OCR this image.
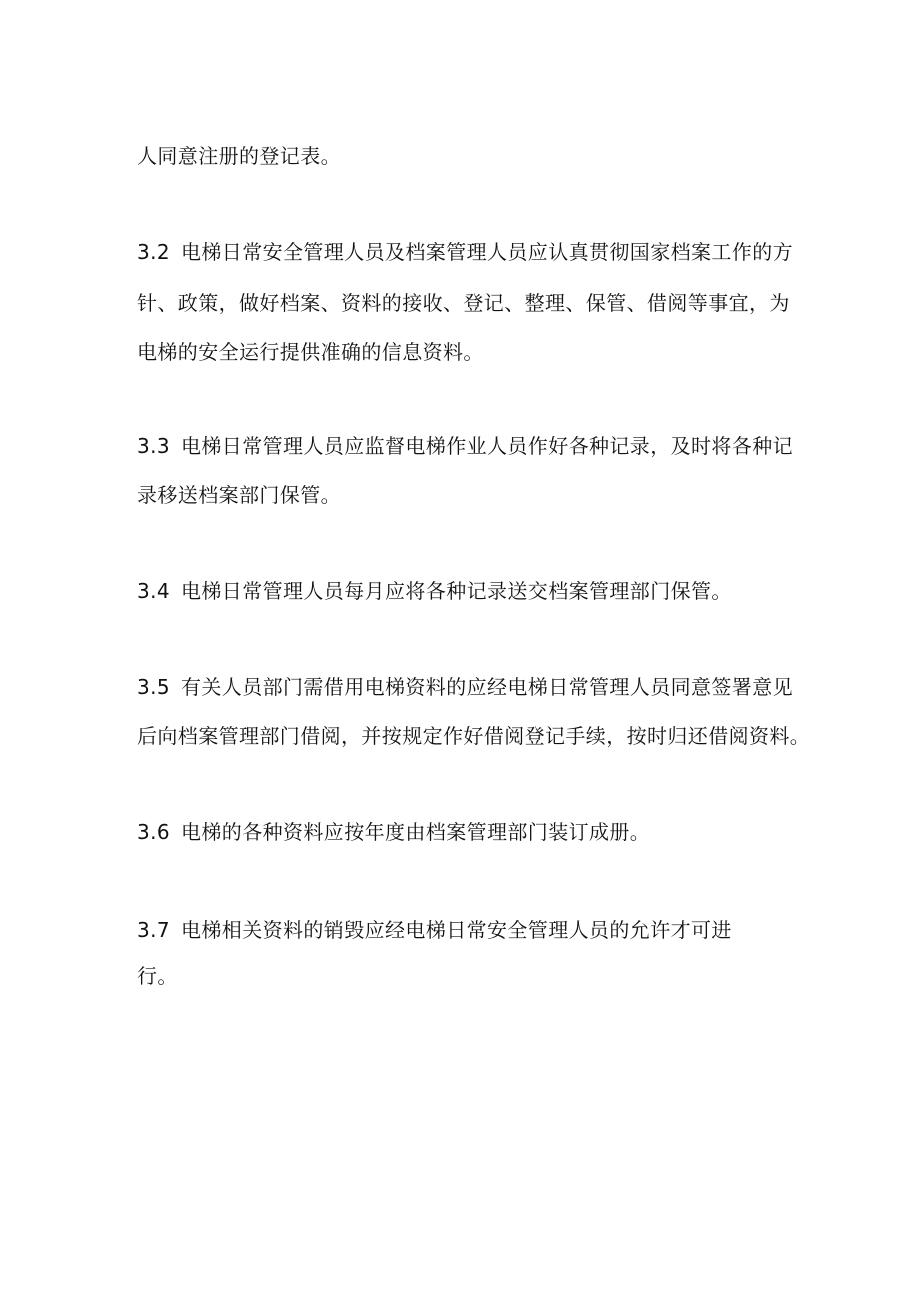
人同意注册的登记表。

3.2 电梯日常安全管理人员及档案管理人员应认真贯彻国家档案工作的方

针、政策，做好档案、资料的接收、登记、整理、保管、借阅等事宜，为

电梯的安全运行提供准确的信息资料。

3.3 电梯日常管理人员应监督电梯作业人员作好各种记录，及时将各种记

录移送档案部门保管。

3.4 电梯日常管理人员每月应将各种记录送交档案管理部门保管。

3.5 有关人员部门需借用电梯资料的应经电梯日常管理人员同意签署意见

后向档案管理部门借阅，并按规定作好借阅登记手续，按时归还借阅资料。

3.6 电梯的各种资料应按年度由档案管理部门装订成册。

3.7 电梯相关资料的销毁应经电梯日常安全管理人员的允许才可进

行。
